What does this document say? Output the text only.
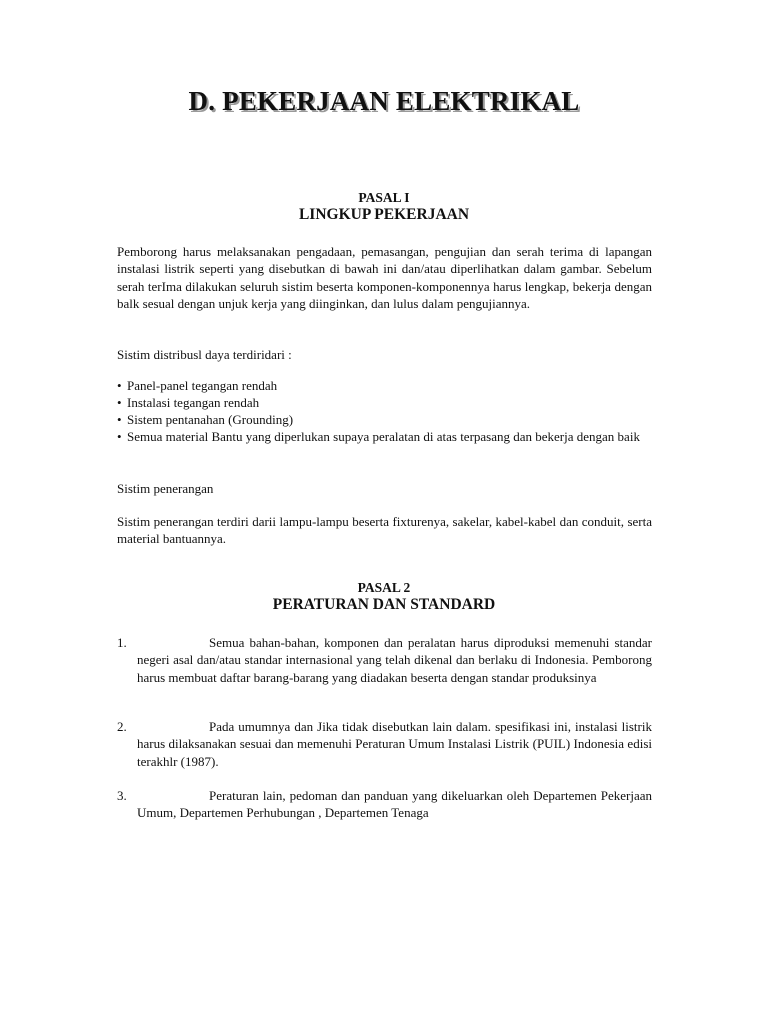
D. PEKERJAAN ELEKTRIKAL

PASAL I

LINGKUP PEKERJAAN

Pemborong harus melaksanakan pengadaan, pemasangan, pengujian dan serah terima di lapangan instalasi listrik seperti yang disebutkan di bawah ini dan/atau diperlihatkan dalam gambar. Sebelum serah terIma dilakukan seluruh sistim beserta komponen-komponennya harus lengkap, bekerja dengan balk sesual dengan unjuk kerja yang diinginkan, dan lulus dalam pengujiannya.

Sistim distribusl daya terdiridari :

• Panel-panel tegangan rendah
• Instalasi tegangan rendah
• Sistem pentanahan (Grounding)
• Semua material Bantu yang diperlukan supaya peralatan di atas terpasang dan bekerja dengan baik

Sistim penerangan

Sistim penerangan terdiri darii lampu-lampu beserta fixturenya, sakelar, kabel-kabel dan conduit, serta material bantuannya.

PASAL 2

PERATURAN DAN STANDARD
1.	Semua bahan-bahan, komponen dan peralatan harus diproduksi memenuhi standar negeri asal dan/atau standar internasional yang telah dikenal dan berlaku di Indonesia. Pemborong harus membuat daftar barang-barang yang diadakan beserta dengan standar produksinya
2.	Pada umumnya dan Jika tidak disebutkan lain dalam. spesifikasi ini, instalasi listrik harus dilaksanakan sesuai dan memenuhi Peraturan Umum Instalasi Listrik (PUIL) Indonesia edisi terakhlr (1987).
3.	Peraturan lain, pedoman dan panduan yang dikeluarkan oleh Departemen Pekerjaan Umum, Departemen Perhubungan , Departemen Tenaga
